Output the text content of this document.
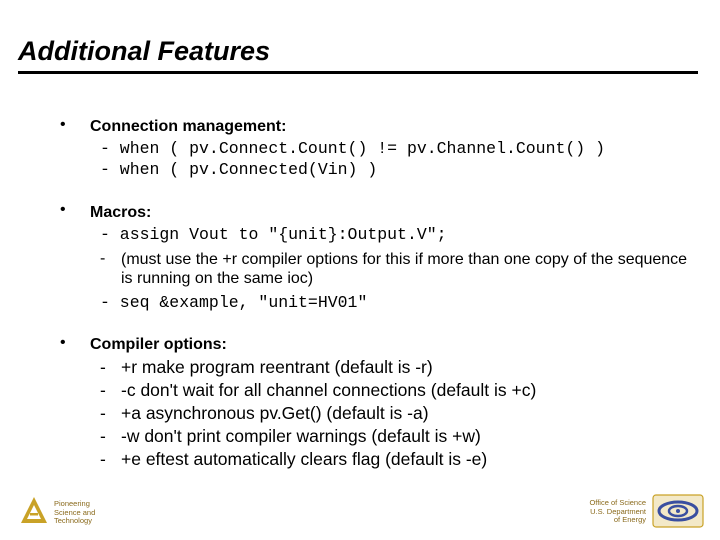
Additional Features
• Connection management:
- when ( pv.Connect.Count() != pv.Channel.Count() )
- when ( pv.Connected(Vin) )
• Macros:
- assign Vout to "{unit}:Output.V";
- (must use the +r compiler options for this if more than one copy of the sequence is running on the same ioc)
- seq &example, "unit=HV01"
• Compiler options:
- +r make program reentrant (default is -r)
- -c don't wait for all channel connections (default is +c)
- +a asynchronous pv.Get() (default is -a)
- -w don't print compiler warnings (default is +w)
- +e eftest automatically clears flag (default is -e)
Pioneering
Science and
Technology
Office of Science
U.S. Department
of Energy
